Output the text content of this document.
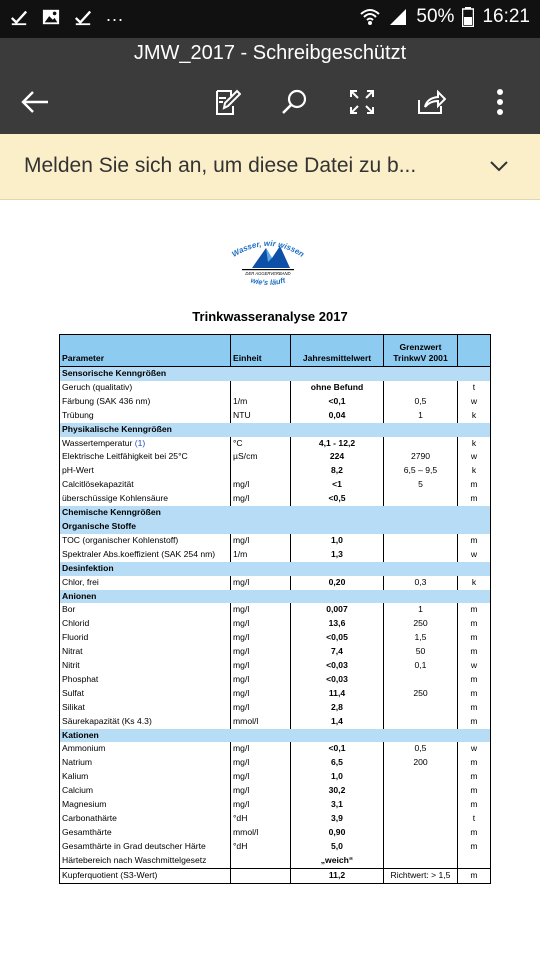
...	50% 16:21
JMW_2017 - Schreibgeschützt
Melden Sie sich an, um diese Datei zu b...
Wasser, wir wissen
DER AGGERVERBAND
wie's läuft
Trinkwasseranalyse 2017
Parameter	Einheit	Jahresmittelwert	Grenzwert
TrinkwV 2001	

Sensorische Kenngrößen				
Geruch (qualitativ)		ohne Befund		t
Färbung (SAK 436 nm)	1/m	<0,1	0,5	w
Trübung	NTU	0,04	1	k
Physikalische Kenngrößen				
Wassertemperatur (1)	°C	4,1 - 12,2		k
Elektrische Leitfähigkeit bei 25°C	µS/cm	224	2790	w
pH-Wert		8,2	6,5 – 9,5	k
Calcitlösekapazität	mg/l	<1	5	m
überschüssige Kohlensäure	mg/l	<0,5		m
Chemische Kenngrößen				
Organische Stoffe				
TOC (organischer Kohlenstoff)	mg/l	1,0		m
Spektraler Abs.koeffizient (SAK 254 nm)	1/m	1,3		w
Desinfektion				
Chlor, frei	mg/l	0,20	0,3	k
Anionen				
Bor	mg/l	0,007	1	m
Chlorid	mg/l	13,6	250	m
Fluorid	mg/l	<0,05	1,5	m
Nitrat	mg/l	7,4	50	m
Nitrit	mg/l	<0,03	0,1	w
Phosphat	mg/l	<0,03		m
Sulfat	mg/l	11,4	250	m
Silikat	mg/l	2,8		m
Säurekapazität (Ks 4.3)	mmol/l	1,4		m
Kationen				
Ammonium	mg/l	<0,1	0,5	w
Natrium	mg/l	6,5	200	m
Kalium	mg/l	1,0		m
Calcium	mg/l	30,2		m
Magnesium	mg/l	3,1		m
Carbonathärte	°dH	3,9		t
Gesamthärte	mmol/l	0,90		m
Gesamthärte in Grad deutscher Härte	°dH	5,0		m
Härtebereich nach Waschmittelgesetz		„weich“		
Kupferquotient (S3-Wert)		11,2	Richtwert: > 1,5	m
